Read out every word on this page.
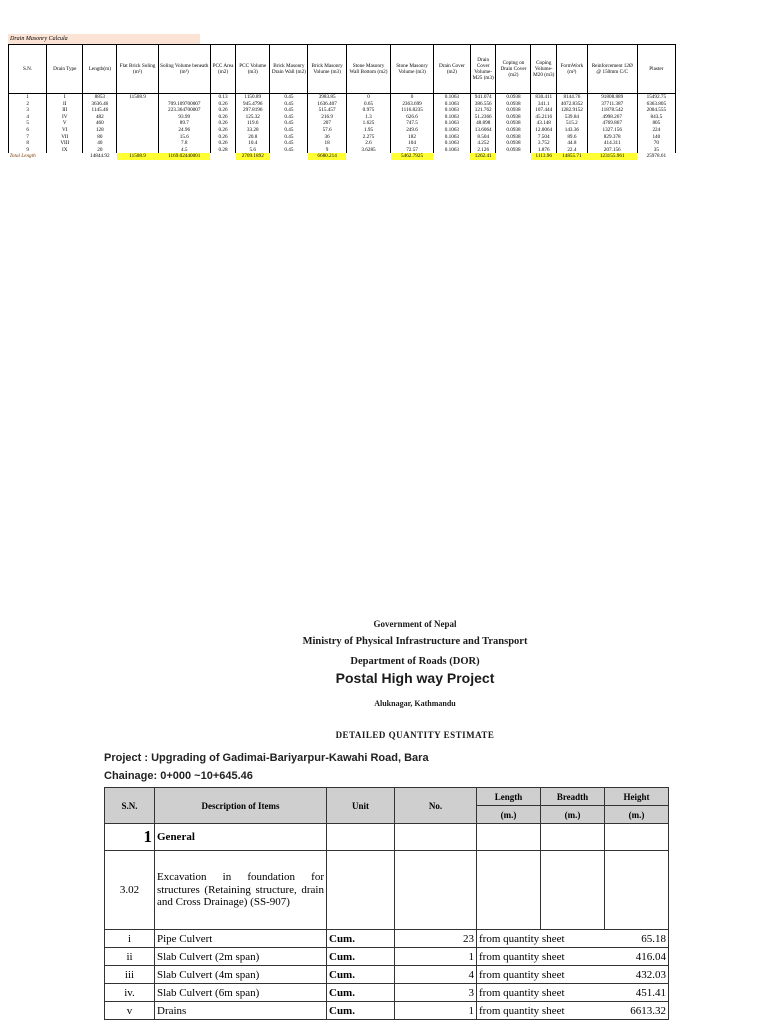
Drain Masonry Calcula
S.N.	Drain Type	Length(m)	Flat Brick Soling (m²)	Soling Volume beneath (m³)	PCC Area (m2)	PCC Volume (m3)	Brick Masonry Drain Wall (m2)	Brick Masonry Volume (m3)	Stone Masonry Wall Bottom (m2)	Stone Masonry Volume (m3)	Drain Cover (m2)	Drain Cover Volume-M25 (m3)	Coping on Drain Cover (m2)	Coping Volume-M20 (m3)	FormWork (m²)	Reinforcement 12Ø @ 150mm C/C	Plaster
1	I	8853	11508.9		0.13	1150.89	0.45	3983.85	0	0	0.1063	941.074	0.0938	830.411	8144.76	91808.889	15492.75
2	II	3636.46		709.109700007	0.26	945.4796	0.45	1636.407	0.65	2363.699	0.1063	386.556	0.0938	341.1	4072.8352	37711.387	6363.805
3	III	1145.46		223.364700007	0.26	297.8196	0.45	515.457	0.975	1116.8235	0.1063	121.762	0.0938	107.444	1282.9152	11878.542	2004.555
4	IV	482		93.99	0.26	125.32	0.45	216.9	1.3	626.6	0.1063	51.2366	0.0938	45.2116	539.84	4998.267	843.5
5	V	460		89.7	0.26	119.6	0.45	207	1.625	747.5	0.1063	48.898	0.0938	43.148	515.2	4769.867	805
6	VI	128		24.96	0.26	33.28	0.45	57.6	1.95	249.6	0.1063	13.6064	0.0938	12.0064	143.36	1327.156	224
7	VII	80		15.6	0.26	20.8	0.45	36	2.275	182	0.1063	8.504	0.0938	7.504	89.6	829.378	140
8	VIII	40		7.8	0.26	10.4	0.45	18	2.6	104	0.1063	4.252	0.0938	3.752	44.8	414.311	70
9	IX	20		4.5	0.28	5.6	0.45	9	3.6285	72.57	0.1063	2.126	0.0938	1.876	22.4	207.156	35
Total Length		14844.92	11508.9	1169.02440001		2709.1892		6680.214		5462.7925		1262.41		1113.96	14855.71	123155.961	25978.61
Government of Nepal
Ministry of Physical Infrastructure and Transport
Department of Roads (DOR)
Postal High way Project
Aluknagar, Kathmandu
DETAILED QUANTITY ESTIMATE
Project : Upgrading of Gadimai-Bariyarpur-Kawahi Road, Bara
Chainage: 0+000 ~10+645.46
S.N.	Description of Items	Unit	No.	Length	Breadth	Height
				(m.)	(m.)	(m.)
1	General					
3.02	Excavation in foundation for structures (Retaining structure, drain and Cross Drainage) (SS-907)					
i	Pipe Culvert	Cum.	23	from quantity sheet		65.18
ii	Slab Culvert (2m span)	Cum.	1	from quantity sheet		416.04
iii	Slab Culvert (4m span)	Cum.	4	from quantity sheet		432.03
iv.	Slab Culvert (6m span)	Cum.	3	from quantity sheet		451.41
v	Drains	Cum.	1	from quantity sheet		6613.32
